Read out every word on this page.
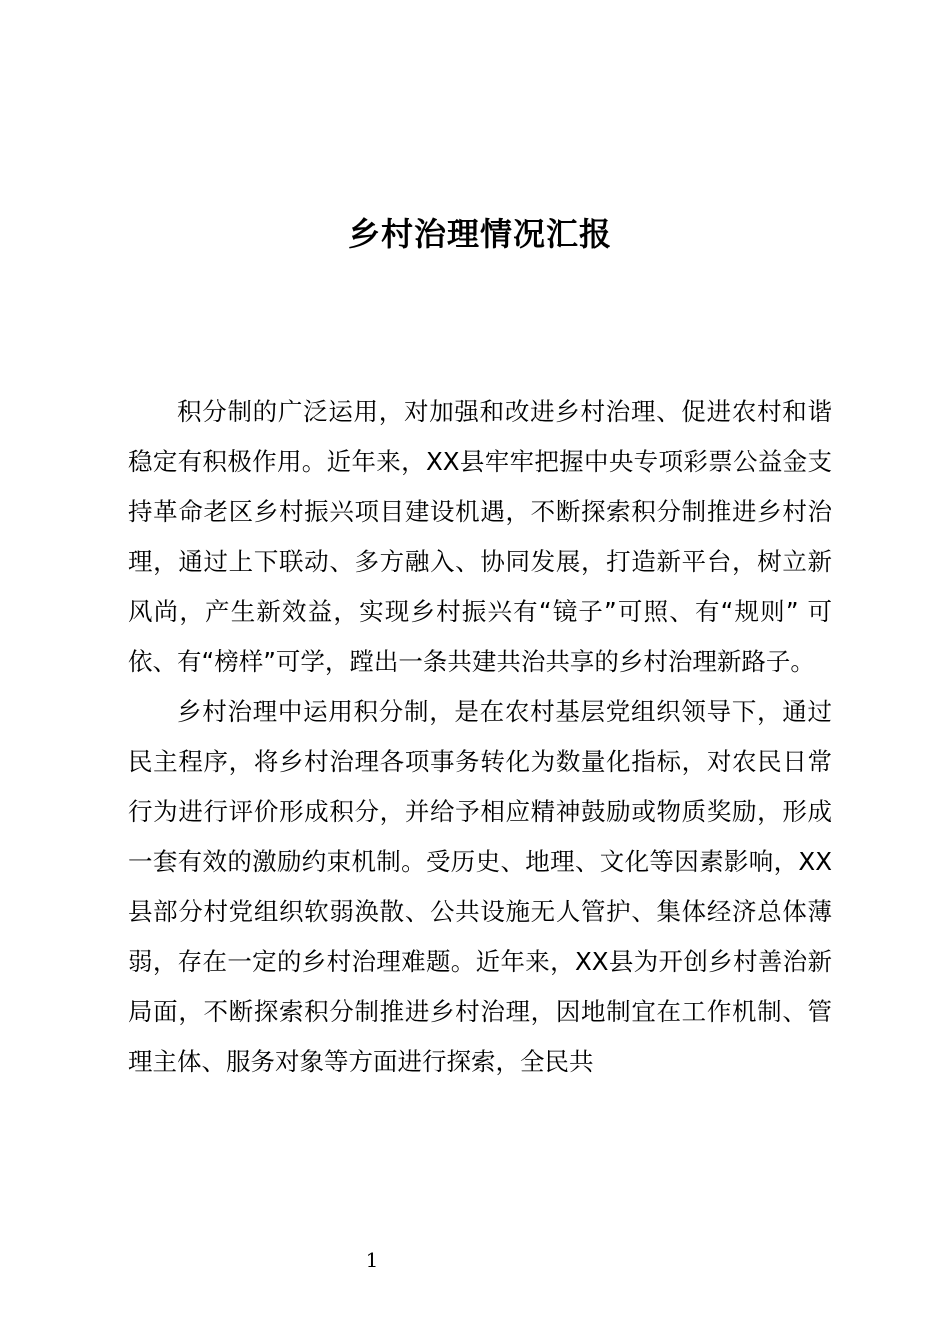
乡村治理情况汇报

积分制的广泛运用，对加强和改进乡村治理、促进农村和谐稳定有积极作用。近年来，XX县牢牢把握中央专项彩票公益金支持革命老区乡村振兴项目建设机遇，不断探索积分制推进乡村治理，通过上下联动、多方融入、协同发展，打造新平台，树立新风尚，产生新效益，实现乡村振兴有“镜子”可照、有“规则” 可依、有“榜样”可学，蹚出一条共建共治共享的乡村治理新路子。

乡村治理中运用积分制，是在农村基层党组织领导下，通过民主程序，将乡村治理各项事务转化为数量化指标，对农民日常行为进行评价形成积分，并给予相应精神鼓励或物质奖励，形成一套有效的激励约束机制。受历史、地理、文化等因素影响，XX县部分村党组织软弱涣散、公共设施无人管护、集体经济总体薄弱，存在一定的乡村治理难题。近年来，XX县为开创乡村善治新局面，不断探索积分制推进乡村治理，因地制宜在工作机制、管理主体、服务对象等方面进行探索，全民共

1
